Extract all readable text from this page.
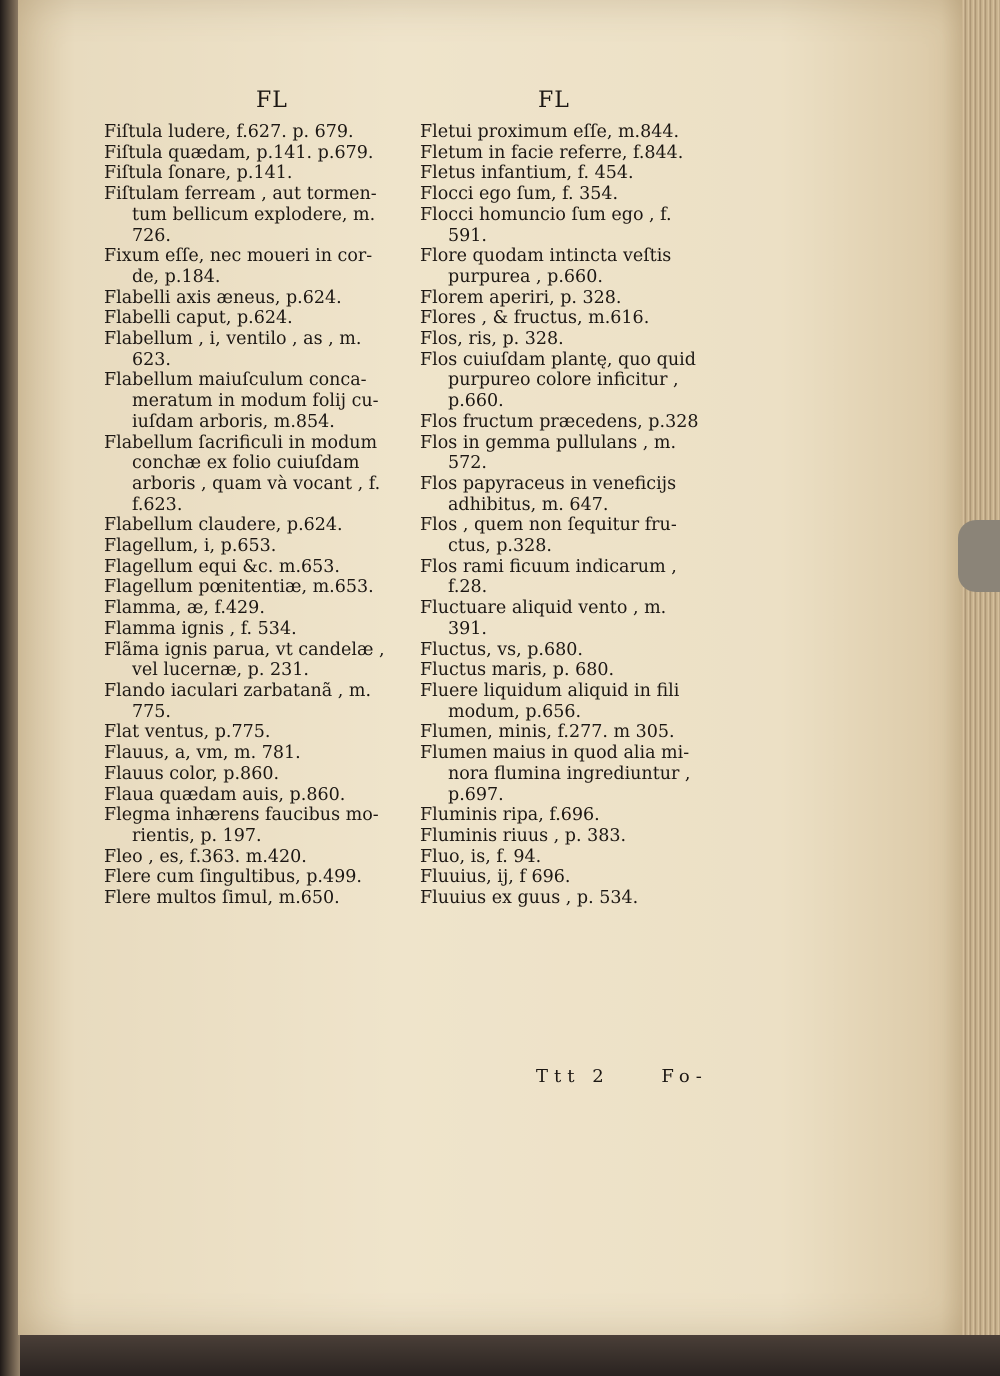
FL	FL
Fiſtula ludere, f.627. p. 679.
Fiſtula quædam, p.141. p.679.
Fiſtula ſonare, p.141.
Fiſtulam ferream , aut tormen-
tum bellicum explodere, m.
726.
Fixum eſſe, nec moueri in cor-
de, p.184.
Flabelli axis æneus, p.624.
Flabelli caput, p.624.
Flabellum , i, ventilo , as , m.
623.
Flabellum maiuſculum conca-
meratum in modum folij cu-
iuſdam arboris, m.854.
Flabellum ſacrificuli in modum
conchæ ex folio cuiuſdam
arboris , quam và vocant , f.
f.623.
Flabellum claudere, p.624.
Flagellum, i, p.653.
Flagellum equi &c. m.653.
Flagellum pœnitentiæ, m.653.
Flamma, æ, f.429.
Flamma ignis , f. 534.
Flãma ignis parua, vt candelæ ,
vel lucernæ, p. 231.
Flando iaculari zarbatanã , m.
775.
Flat ventus, p.775.
Flauus, a, vm, m. 781.
Flauus color, p.860.
Flaua quædam auis, p.860.
Flegma inhærens faucibus mo-
rientis, p. 197.
Fleo , es, f.363. m.420.
Flere cum ſingultibus, p.499.
Flere multos ſimul, m.650.
Fletui proximum eſſe, m.844.
Fletum in facie referre, f.844.
Fletus infantium, f. 454.
Flocci ego ſum, f. 354.
Flocci homuncio ſum ego , f.
591.
Flore quodam intincta veſtis
purpurea , p.660.
Florem aperiri, p. 328.
Flores , & fructus, m.616.
Flos, ris, p. 328.
Flos cuiuſdam plantę, quo quid
purpureo colore inficitur ,
p.660.
Flos fructum præcedens, p.328
Flos in gemma pullulans , m.
572.
Flos papyraceus in veneficijs
adhibitus, m. 647.
Flos , quem non ſequitur fru-
ctus, p.328.
Flos rami ficuum indicarum ,
f.28.
Fluctuare aliquid vento , m.
391.
Fluctus, vs, p.680.
Fluctus maris, p. 680.
Fluere liquidum aliquid in fili
modum, p.656.
Flumen, minis, f.277. m 305.
Flumen maius in quod alia mi-
nora flumina ingrediuntur ,
p.697.
Fluminis ripa, f.696.
Fluminis riuus , p. 383.
Fluo, is, f. 94.
Fluuius, ij, f 696.
Fluuius ex guus , p. 534.
Ttt 2	Fo-
